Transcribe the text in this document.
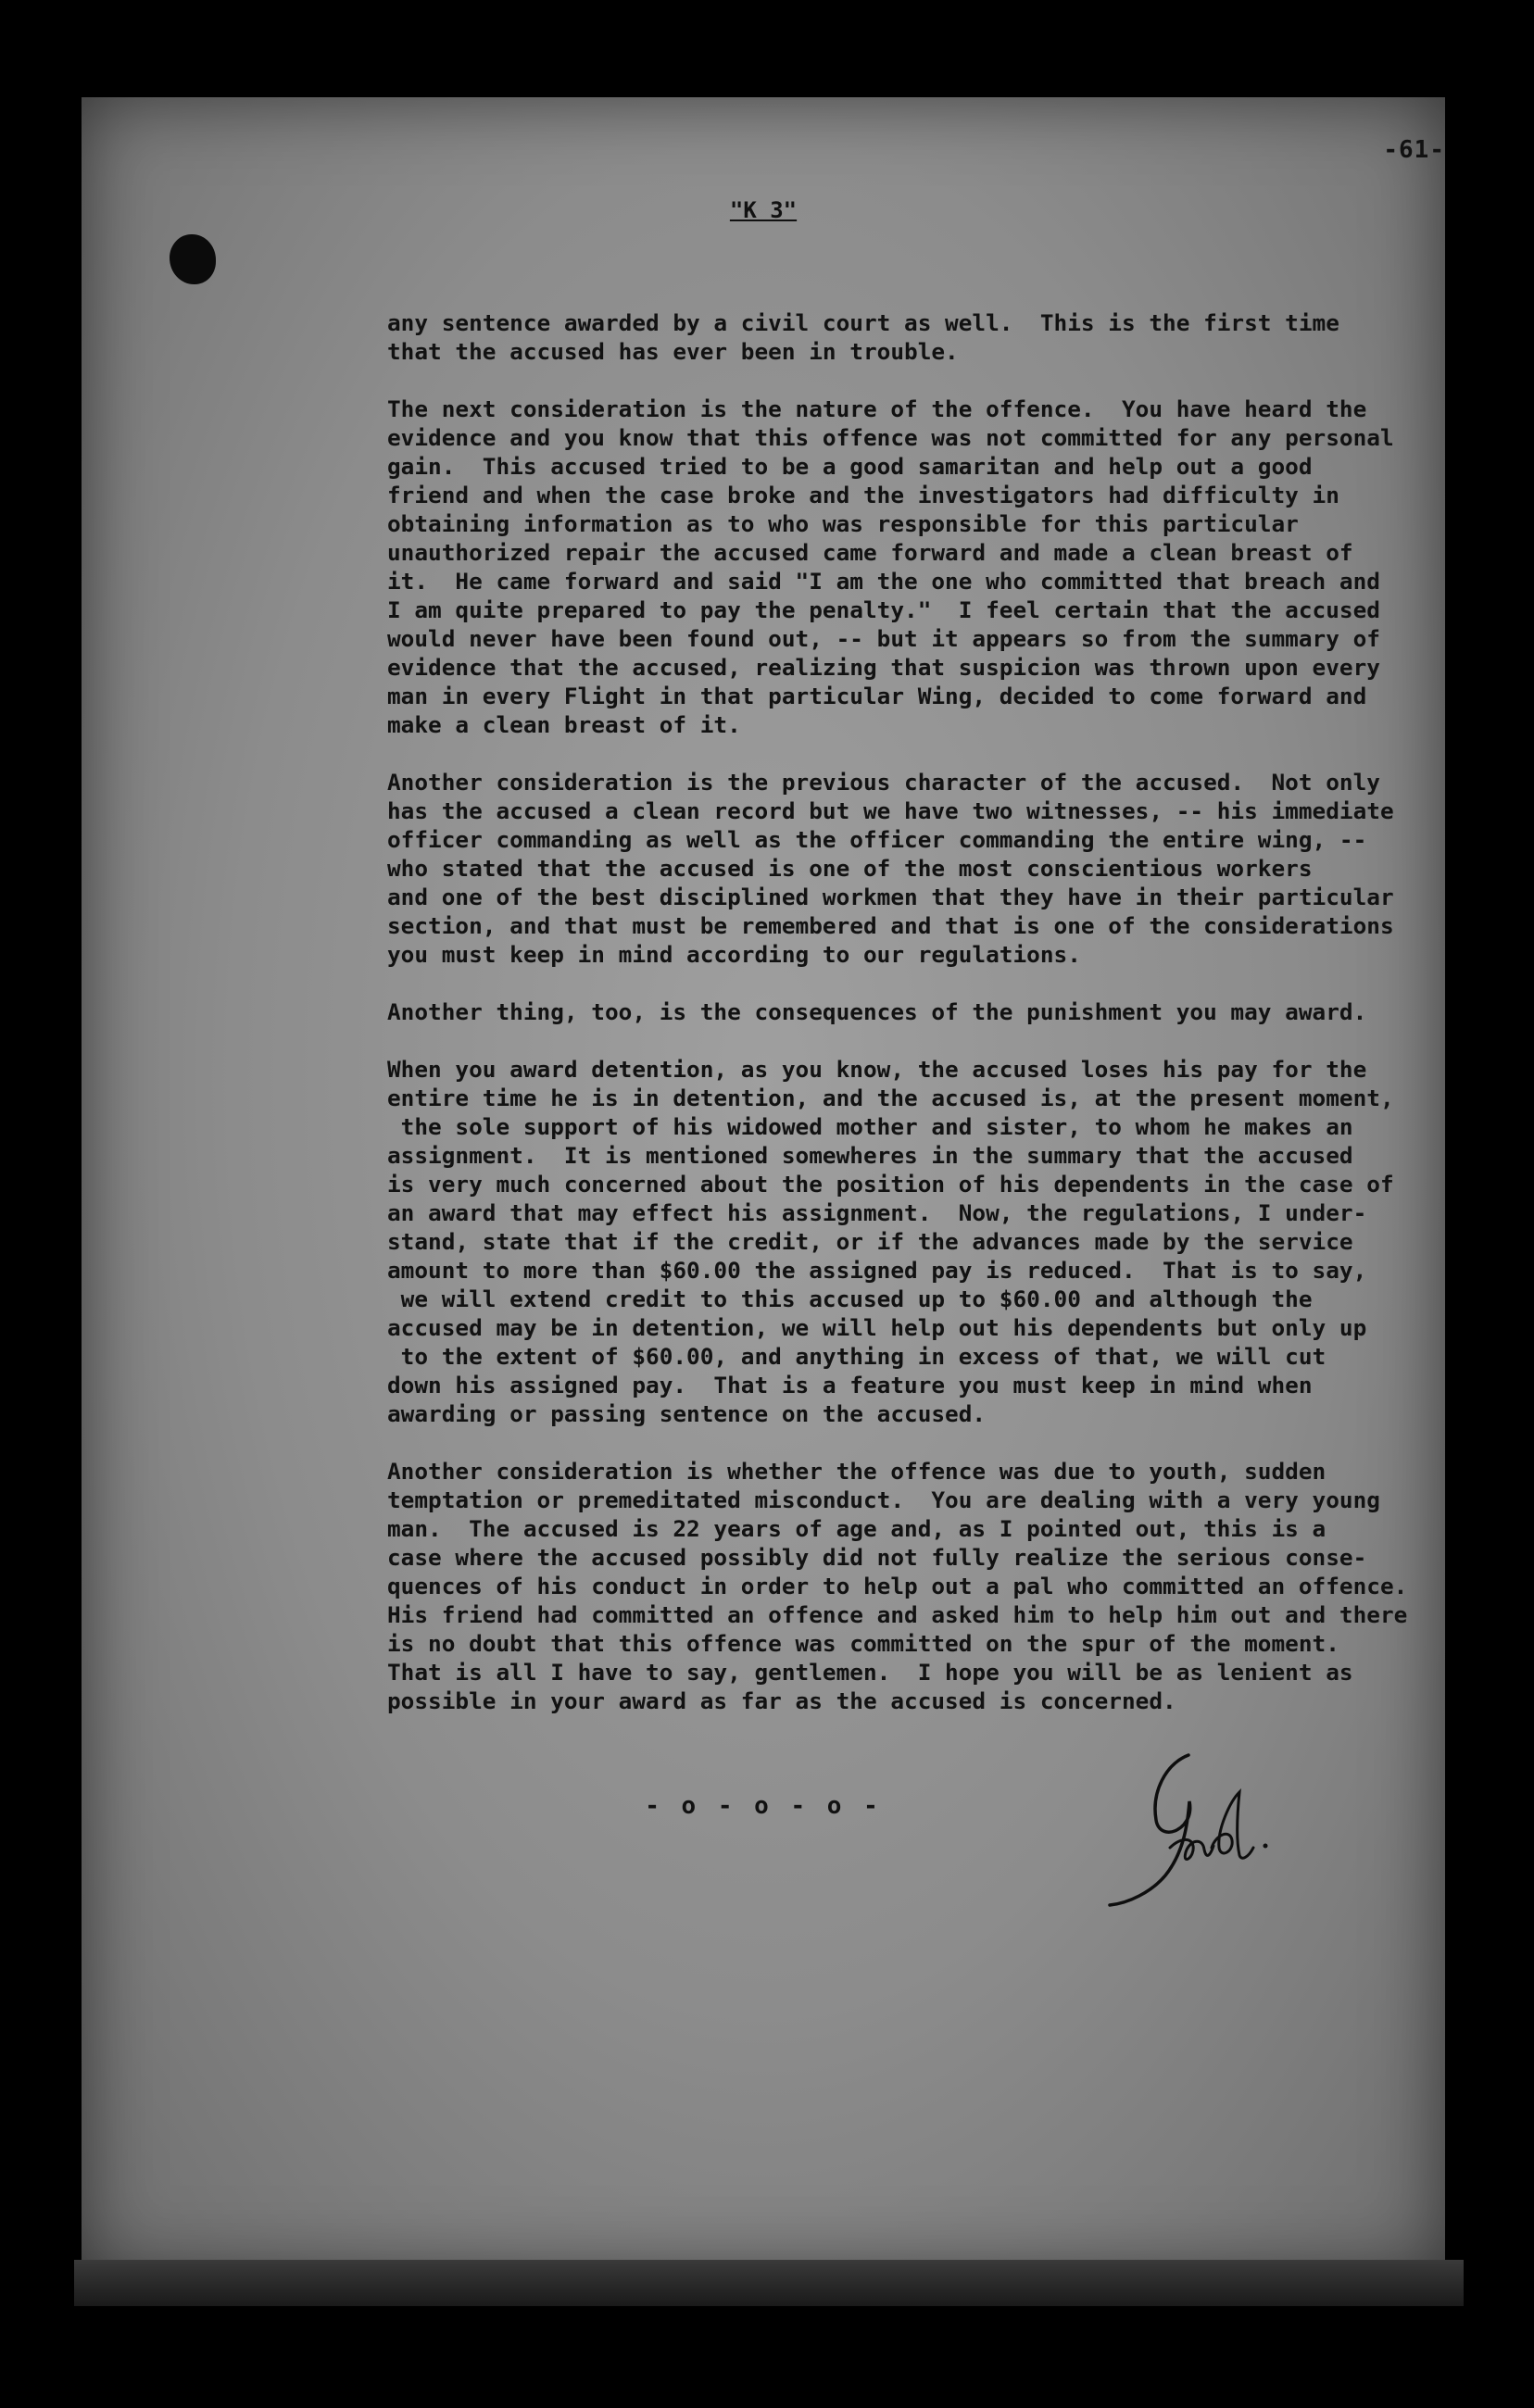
-61-
"K 3"
any sentence awarded by a civil court as well.  This is the first time
that the accused has ever been in trouble.
The next consideration is the nature of the offence.  You have heard the
evidence and you know that this offence was not committed for any personal
gain.  This accused tried to be a good samaritan and help out a good
friend and when the case broke and the investigators had difficulty in
obtaining information as to who was responsible for this particular
unauthorized repair the accused came forward and made a clean breast of
it.  He came forward and said "I am the one who committed that breach and
I am quite prepared to pay the penalty."  I feel certain that the accused
would never have been found out, -- but it appears so from the summary of
evidence that the accused, realizing that suspicion was thrown upon every
man in every Flight in that particular Wing, decided to come forward and
make a clean breast of it.
Another consideration is the previous character of the accused.  Not only
has the accused a clean record but we have two witnesses, -- his immediate
officer commanding as well as the officer commanding the entire wing, --
who stated that the accused is one of the most conscientious workers
and one of the best disciplined workmen that they have in their particular
section, and that must be remembered and that is one of the considerations
you must keep in mind according to our regulations.
Another thing, too, is the consequences of the punishment you may award.
When you award detention, as you know, the accused loses his pay for the
entire time he is in detention, and the accused is, at the present moment,
the sole support of his widowed mother and sister, to whom he makes an
assignment.  It is mentioned somewheres in the summary that the accused
is very much concerned about the position of his dependents in the case of
an award that may effect his assignment.  Now, the regulations, I under-
stand, state that if the credit, or if the advances made by the service
amount to more than $60.00 the assigned pay is reduced.  That is to say,
we will extend credit to this accused up to $60.00 and although the
accused may be in detention, we will help out his dependents but only up
to the extent of $60.00, and anything in excess of that, we will cut
down his assigned pay.  That is a feature you must keep in mind when
awarding or passing sentence on the accused.
Another consideration is whether the offence was due to youth, sudden
temptation or premeditated misconduct.  You are dealing with a very young
man.  The accused is 22 years of age and, as I pointed out, this is a
case where the accused possibly did not fully realize the serious conse-
quences of his conduct in order to help out a pal who committed an offence.
His friend had committed an offence and asked him to help him out and there
is no doubt that this offence was committed on the spur of the moment.
That is all I have to say, gentlemen.  I hope you will be as lenient as
possible in your award as far as the accused is concerned.
- o - o - o -
